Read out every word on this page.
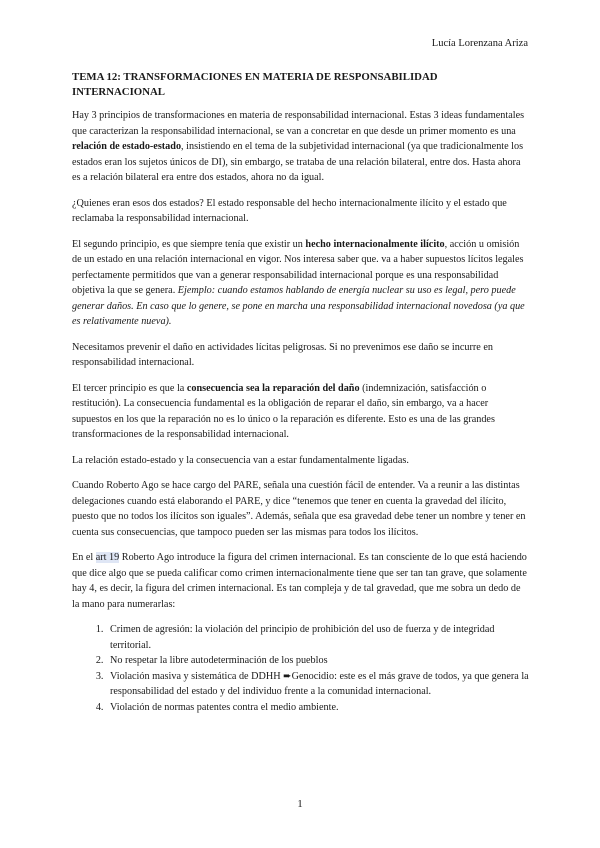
Lucía Lorenzana Ariza
TEMA 12: TRANSFORMACIONES EN MATERIA DE RESPONSABILIDAD INTERNACIONAL

Hay 3 principios de transformaciones en materia de responsabilidad internacional. Estas 3 ideas fundamentales que caracterizan la responsabilidad internacional, se van a concretar en que desde un primer momento es una relación de estado-estado, insistiendo en el tema de la subjetividad internacional (ya que tradicionalmente los estados eran los sujetos únicos de DI), sin embargo, se trataba de una relación bilateral, entre dos. Hasta ahora es a relación bilateral era entre dos estados, ahora no da igual.

¿Quienes eran esos dos estados? El estado responsable del hecho internacionalmente ilícito y el estado que reclamaba la responsabilidad internacional.

El segundo principio, es que siempre tenía que existir un hecho internacionalmente ilícito, acción u omisión de un estado en una relación internacional en vigor. Nos interesa saber que. va a haber supuestos lícitos legales perfectamente permitidos que van a generar responsabilidad internacional porque es una responsabilidad objetiva la que se genera. Ejemplo: cuando estamos hablando de energía nuclear su uso es legal, pero puede generar daños. En caso que lo genere, se pone en marcha una responsabilidad internacional novedosa (ya que es relativamente nueva).

Necesitamos prevenir el daño en actividades lícitas peligrosas. Si no prevenimos ese daño se incurre en responsabilidad internacional.

El tercer principio es que la consecuencia sea la reparación del daño (indemnización, satisfacción o restitución). La consecuencia fundamental es la obligación de reparar el daño, sin embargo, va a hacer supuestos en los que la reparación no es lo único o la reparación es diferente. Esto es una de las grandes transformaciones de la responsabilidad internacional.

La relación estado-estado y la consecuencia van a estar fundamentalmente ligadas.

Cuando Roberto Ago se hace cargo del PARE, señala una cuestión fácil de entender. Va a reunir a las distintas delegaciones cuando está elaborando el PARE, y dice “tenemos que tener en cuenta la gravedad del ilícito, puesto que no todos los ilícitos son iguales”. Además, señala que esa gravedad debe tener un nombre y tener en cuenta sus consecuencias, que tampoco pueden ser las mismas para todos los ilícitos.

En el art 19 Roberto Ago introduce la figura del crimen internacional. Es tan consciente de lo que está haciendo que dice algo que se pueda calificar como crimen internacionalmente tiene que ser tan tan grave, que solamente hay 4, es decir, la figura del crimen internacional. Es tan compleja y de tal gravedad, que me sobra un dedo de la mano para numerarlas:

1. Crimen de agresión: la violación del principio de prohibición del uso de fuerza y de integridad territorial.
2. No respetar la libre autodeterminación de los pueblos
3. Violación masiva y sistemática de DDHH ➨Genocidio: este es el más grave de todos, ya que genera la responsabilidad del estado y del individuo frente a la comunidad internacional.
4. Violación de normas patentes contra el medio ambiente.
1
